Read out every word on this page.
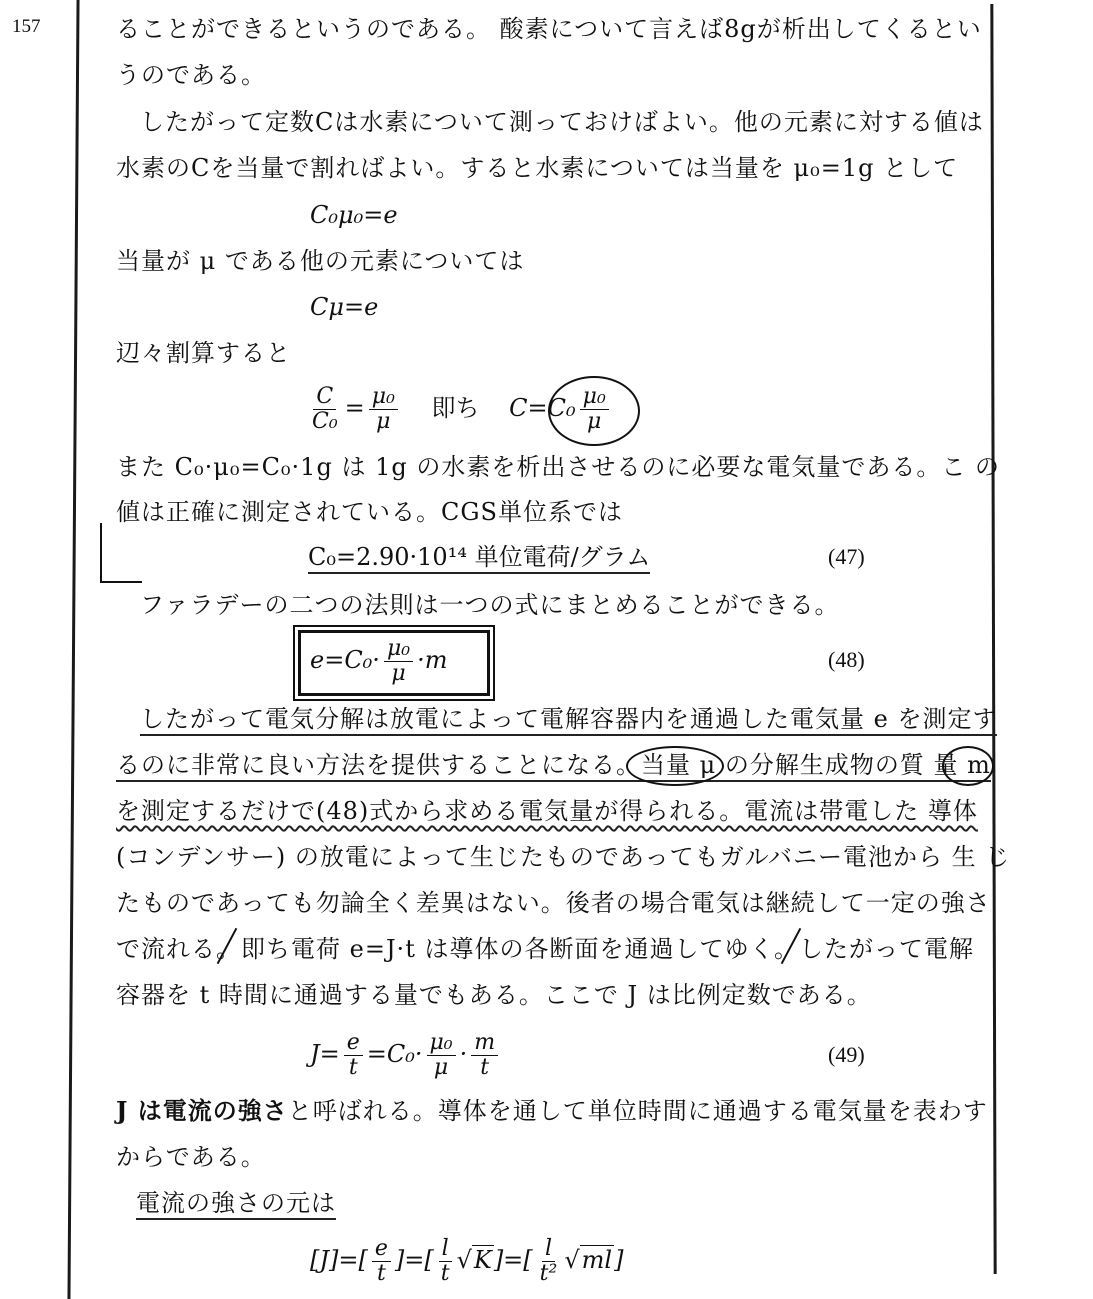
157	ることができるというのである。 酸素について言えば8gが析出してくるとい
うのである。
したがって定数Cは水素について測っておけばよい。他の元素に対する値は
水素のCを当量で割ればよい。すると水素については当量を μ₀=1g として
C₀μ₀=e
当量が μ である他の元素については
Cμ=e
辺々割算すると
$\frac{C}{\text{C₀}} = \frac{\text{μ₀}}{\mu}$ 即ち $C=C_0 \frac{\text{μ₀}}{\mu}$
また C₀·μ₀=C₀·1g は 1g の水素を析出させるのに必要な電気量である。こ の
値は正確に測定されている。CGS単位系では
C₀=2.90·10¹⁴ 単位電荷/グラム	(47)
ファラデーの二つの法則は一つの式にまとめることができる。
$e=C_0\cdot \frac{\text{μ₀}}{\mu} \cdot m$	(48)
したがって電気分解は放電によって電解容器内を通過した電気量 e を測定す
るのに非常に良い方法を提供することになる。当量 μ の分解生成物の質 量 m
を測定するだけで(48)式から求める電気量が得られる。電流は帯電した 導体
(コンデンサー) の放電によって生じたものであってもガルバニー電池から 生 じ
たものであっても勿論全く差異はない。後者の場合電気は継続して一定の強さ
で流れる。即ち電荷 e=J·t は導体の各断面を通過してゆく。したがって電解
容器を t 時間に通過する量でもある。ここで J は比例定数である。
$J= \frac{e}{t} =C_0\cdot \frac{\text{μ₀}}{\mu} \cdot \frac{m}{t}$	(49)
J は電流の強さと呼ばれる。導体を通して単位時間に通過する電気量を表わす
からである。
電流の強さの元は
$[J]=[ \frac{e}{t}$ ]=[ $\frac{l}{t} √K]=[ \frac{l}{\text{t²}} √ml]$
